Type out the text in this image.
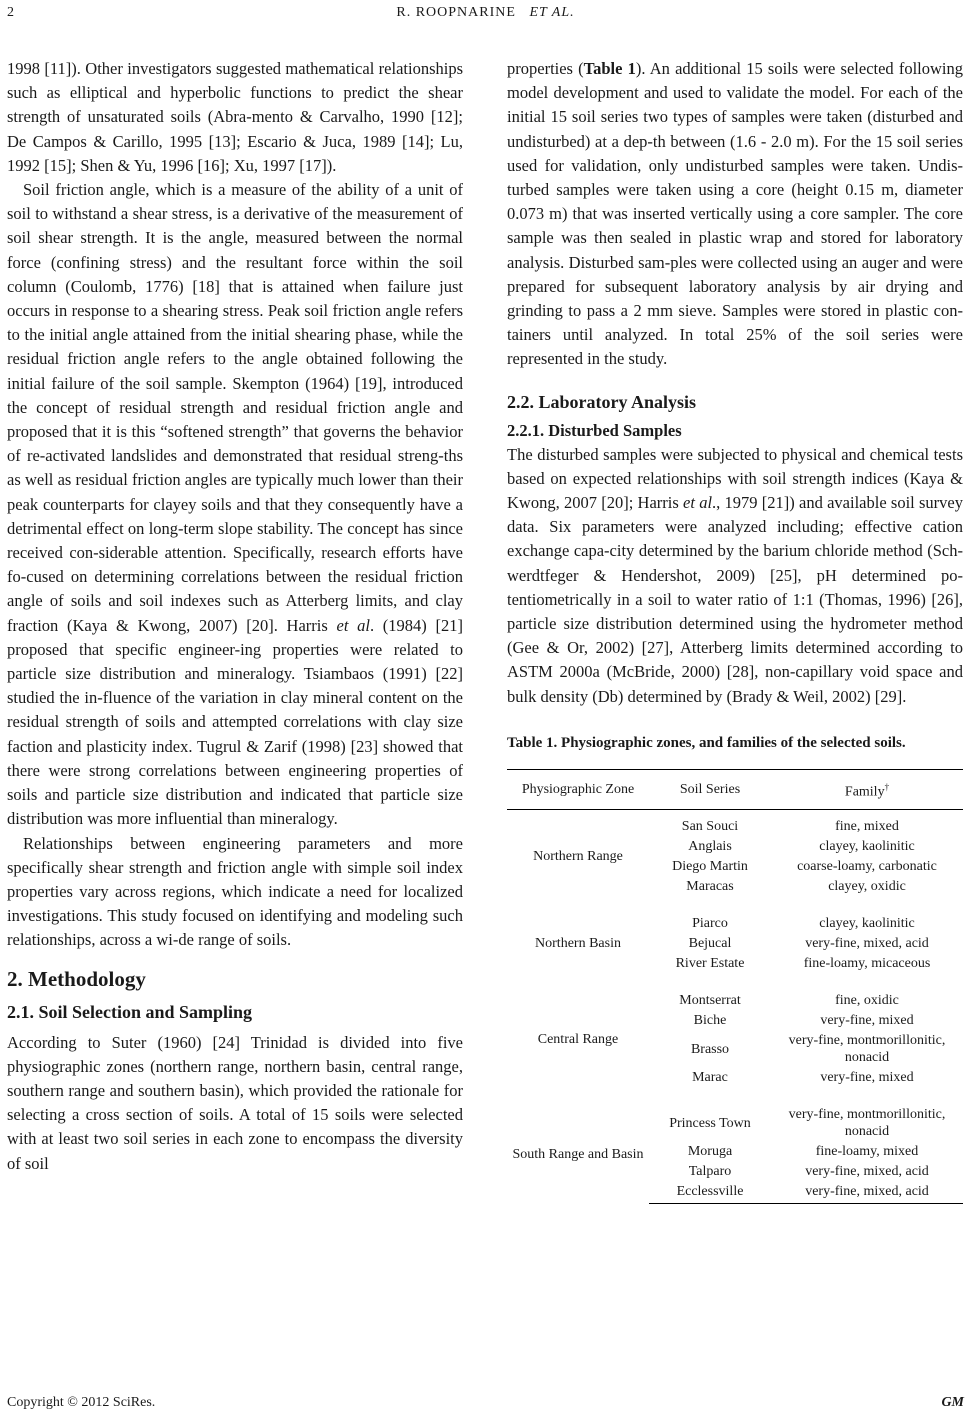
2	R. ROOPNARINE ET AL.

1998 [11]). Other investigators suggested mathematical relationships such as elliptical and hyperbolic functions to predict the shear strength of unsaturated soils (Abra-mento & Carvalho, 1990 [12]; De Campos & Carillo, 1995 [13]; Escario & Juca, 1989 [14]; Lu, 1992 [15]; Shen & Yu, 1996 [16]; Xu, 1997 [17]).

Soil friction angle, which is a measure of the ability of a unit of soil to withstand a shear stress, is a derivative of the measurement of soil shear strength. It is the angle, measured between the normal force (confining stress) and the resultant force within the soil column (Coulomb, 1776) [18] that is attained when failure just occurs in response to a shearing stress. Peak soil friction angle refers to the initial angle attained from the initial shearing phase, while the residual friction angle refers to the angle obtained following the initial failure of the soil sample. Skempton (1964) [19], introduced the concept of residual strength and residual friction angle and proposed that it is this “softened strength” that governs the behavior of re-activated landslides and demonstrated that residual streng-ths as well as residual friction angles are typically much lower than their peak counterparts for clayey soils and that they consequently have a detrimental effect on long-term slope stability. The concept has since received con-siderable attention. Specifically, research efforts have fo-cused on determining correlations between the residual friction angle of soils and soil indexes such as Atterberg limits, and clay fraction (Kaya & Kwong, 2007) [20]. Harris et al. (1984) [21] proposed that specific engineer-ing properties were related to particle size distribution and mineralogy. Tsiambaos (1991) [22] studied the in-fluence of the variation in clay mineral content on the residual strength of soils and attempted correlations with clay size faction and plasticity index. Tugrul & Zarif (1998) [23] showed that there were strong correlations between engineering properties of soils and particle size distribution and indicated that particle size distribution was more influential than mineralogy.

Relationships between engineering parameters and more specifically shear strength and friction angle with simple soil index properties vary across regions, which indicate a need for localized investigations. This study focused on identifying and modeling such relationships, across a wi-de range of soils.

2. Methodology
2.1. Soil Selection and Sampling

According to Suter (1960) [24] Trinidad is divided into five physiographic zones (northern range, northern basin, central range, southern range and southern basin), which provided the rationale for selecting a cross section of soils. A total of 15 soils were selected with at least two soil series in each zone to encompass the diversity of soil

properties (Table 1). An additional 15 soils were selected following model development and used to validate the model. For each of the initial 15 soil series two types of samples were taken (disturbed and undisturbed) at a dep-th between (1.6 - 2.0 m). For the 15 soil series used for validation, only undisturbed samples were taken. Undis-turbed samples were taken using a core (height 0.15 m, diameter 0.073 m) that was inserted vertically using a core sampler. The core sample was then sealed in plastic wrap and stored for laboratory analysis. Disturbed sam-ples were collected using an auger and were prepared for subsequent laboratory analysis by air drying and grinding to pass a 2 mm sieve. Samples were stored in plastic con-tainers until analyzed. In total 25% of the soil series were represented in the study.

2.2. Laboratory Analysis
2.2.1. Disturbed Samples

The disturbed samples were subjected to physical and chemical tests based on expected relationships with soil strength indices (Kaya & Kwong, 2007 [20]; Harris et al., 1979 [21]) and available soil survey data. Six parameters were analyzed including; effective cation exchange capa-city determined by the barium chloride method (Sch-werdtfeger & Hendershot, 2009) [25], pH determined po-tentiometrically in a soil to water ratio of 1:1 (Thomas, 1996) [26], particle size distribution determined using the hydrometer method (Gee & Or, 2002) [27], Atterberg limits determined according to ASTM 2000a (McBride, 2000) [28], non-capillary void space and bulk density (Db) determined by (Brady & Weil, 2002) [29].

Table 1. Physiographic zones, and families of the selected soils.
Physiographic Zone	Soil Series	Family†

Northern Range	San Souci	fine, mixed
	Anglais	clayey, kaolinitic
	Diego Martin	coarse-loamy, carbonatic
	Maracas	clayey, oxidic

Northern Basin	Piarco	clayey, kaolinitic
	Bejucal	very-fine, mixed, acid
	River Estate	fine-loamy, micaceous

Central Range	Montserrat	fine, oxidic
	Biche	very-fine, mixed
	Brasso	very-fine, montmorillonitic, nonacid
	Marac	very-fine, mixed

South Range and Basin	Princess Town	very-fine, montmorillonitic, nonacid
	Moruga	fine-loamy, mixed
	Talparo	very-fine, mixed, acid
	Ecclessville	very-fine, mixed, acid
Copyright © 2012 SciRes.	GM
